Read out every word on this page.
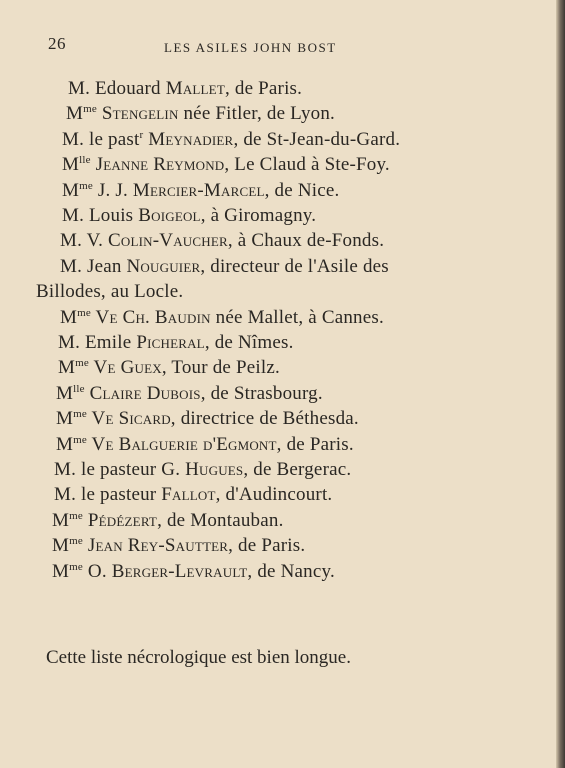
26	LES ASILES JOHN BOST
M. Edouard Mallet, de Paris.
$M^{me}$ Stengelin née Fitler, de Lyon.
M. le past$^r$ Meynadier, de St-Jean-du-Gard.
$M^{lle}$ Jeanne Reymond, Le Claud à Ste-Foy.
$M^{me}$ J. J. Mercier-Marcel, de Nice.
M. Louis Boigeol, à Giromagny.
M. V. Colin-Vaucher, à Chaux de-Fonds.
M. Jean Nouguier, directeur de l'Asile des
Billodes, au Locle.
$M^{me}$ Ve Ch. Baudin née Mallet, à Cannes.
M. Emile Picheral, de Nîmes.
$M^{me}$ Ve Guex, Tour de Peilz.
$M^{lle}$ Claire Dubois, de Strasbourg.
$M^{me}$ Ve Sicard, directrice de Béthesda.
$M^{me}$ Ve Balguerie d'Egmont, de Paris.
M. le pasteur G. Hugues, de Bergerac.
M. le pasteur Fallot, d'Audincourt.
$M^{me}$ Pédézert, de Montauban.
$M^{me}$ Jean Rey-Sautter, de Paris.
$M^{me}$ O. Berger-Levrault, de Nancy.
Cette liste nécrologique est bien longue.
